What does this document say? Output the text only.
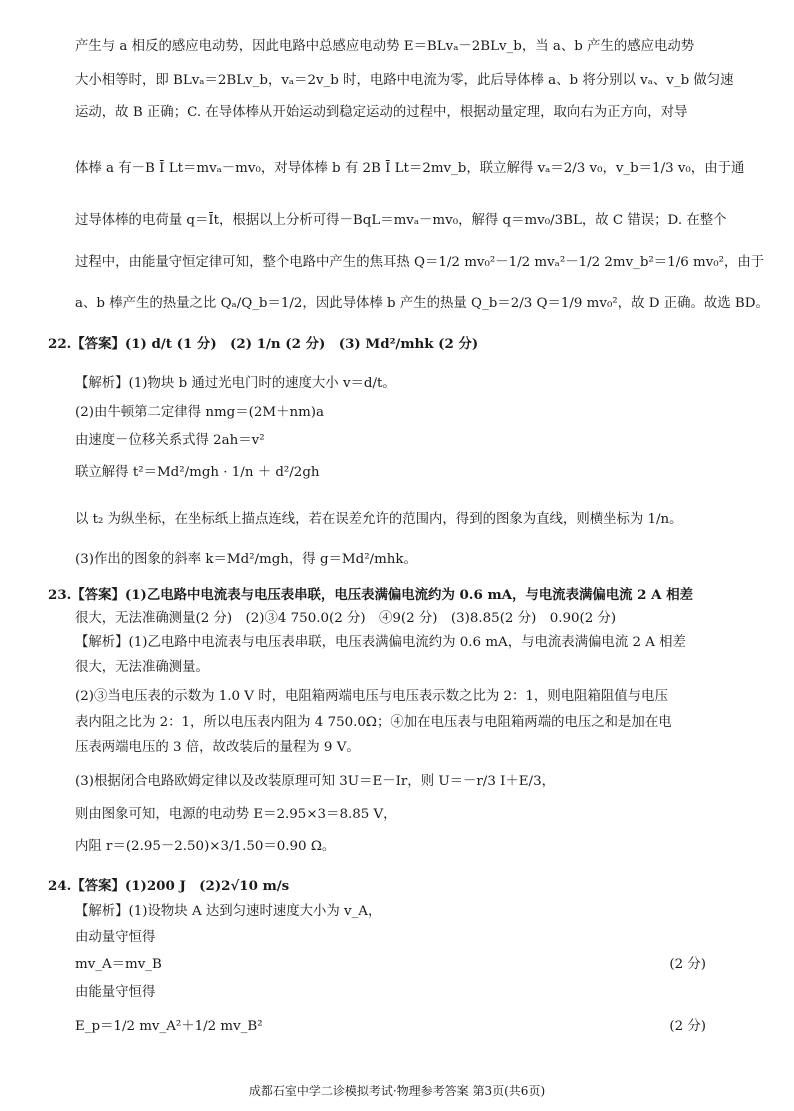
产生与 a 相反的感应电动势，因此电路中总感应电动势 E＝BLvₐ－2BLv_b，当 a、b 产生的感应电动势
大小相等时，即 BLvₐ＝2BLv_b，vₐ＝2v_b 时，电路中电流为零，此后导体棒 a、b 将分别以 vₐ、v_b 做匀速
运动，故 B 正确；C. 在导体棒从开始运动到稳定运动的过程中，根据动量定理，取向右为正方向，对导
体棒 a 有－B Ī Lt＝mvₐ－mv₀，对导体棒 b 有 2B Ī Lt＝2mv_b，联立解得 vₐ＝2/3 v₀，v_b＝1/3 v₀，由于通
过导体棒的电荷量 q＝Īt，根据以上分析可得－BqL＝mvₐ－mv₀，解得 q＝mv₀/3BL，故 C 错误；D. 在整个
过程中，由能量守恒定律可知，整个电路中产生的焦耳热 Q＝1/2 mv₀²－1/2 mvₐ²－1/2 2mv_b²＝1/6 mv₀²，由于
a、b 棒产生的热量之比 Qₐ/Q_b＝1/2，因此导体棒 b 产生的热量 Q_b＝2/3 Q＝1/9 mv₀²，故 D 正确。故选 BD。
22.【答案】(1) d/t (1 分)　(2) 1/n (2 分)　(3) Md²/mhk (2 分)
【解析】(1)物块 b 通过光电门时的速度大小 v＝d/t。
(2)由牛顿第二定律得 nmg＝(2M＋nm)a
由速度－位移关系式得 2ah＝v²
联立解得 t²＝Md²/mgh · 1/n ＋ d²/2gh
以 t₂ 为纵坐标，在坐标纸上描点连线，若在误差允许的范围内，得到的图象为直线，则横坐标为 1/n。
(3)作出的图象的斜率 k＝Md²/mgh，得 g＝Md²/mhk。
23.【答案】(1)乙电路中电流表与电压表串联，电压表满偏电流约为 0.6 mA，与电流表满偏电流 2 A 相差
很大，无法准确测量(2 分)　(2)③4 750.0(2 分)　④9(2 分)　(3)8.85(2 分)　0.90(2 分)
【解析】(1)乙电路中电流表与电压表串联，电压表满偏电流约为 0.6 mA，与电流表满偏电流 2 A 相差
很大，无法准确测量。
(2)③当电压表的示数为 1.0 V 时，电阻箱两端电压与电压表示数之比为 2：1，则电阻箱阻值与电压
表内阻之比为 2：1，所以电压表内阻为 4 750.0Ω；④加在电压表与电阻箱两端的电压之和是加在电
压表两端电压的 3 倍，故改装后的量程为 9 V。
(3)根据闭合电路欧姆定律以及改装原理可知 3U＝E－Ir，则 U＝－r/3 I＋E/3，
则由图象可知，电源的电动势 E＝2.95×3＝8.85 V，
内阻 r＝(2.95－2.50)×3/1.50＝0.90 Ω。
24.【答案】(1)200 J　(2)2√10 m/s
【解析】(1)设物块 A 达到匀速时速度大小为 v_A，
由动量守恒得
mv_A＝mv_B	(2 分)
由能量守恒得
E_p＝1/2 mv_A²＋1/2 mv_B²	(2 分)
成都石室中学二诊模拟考试·物理参考答案 第3页(共6页)
